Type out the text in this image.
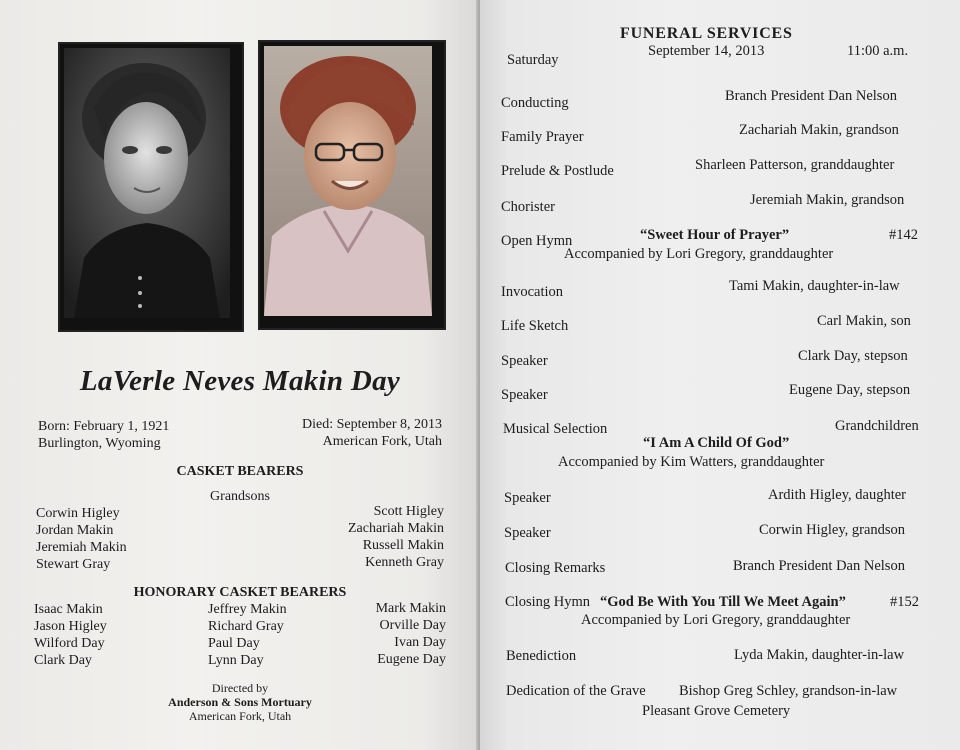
LaVerle Neves Makin Day
Born: February 1, 1921
Burlington, Wyoming
Died: September 8, 2013
American Fork, Utah
CASKET BEARERS
Grandsons
Corwin Higley
Jordan Makin
Jeremiah Makin
Stewart Gray
Scott Higley
Zachariah Makin
Russell Makin
Kenneth Gray
HONORARY CASKET BEARERS
Isaac Makin
Jason Higley
Wilford Day
Clark Day
Jeffrey Makin
Richard Gray
Paul Day
Lynn Day
Mark Makin
Orville Day
Ivan Day
Eugene Day
Directed by
Anderson & Sons Mortuary
American Fork, Utah
FUNERAL SERVICES
Saturday
September 14, 2013	11:00 a.m.
Conducting	Branch President Dan Nelson
Family Prayer	Zachariah Makin, grandson
Prelude & Postlude	Sharleen Patterson, granddaughter
Chorister	Jeremiah Makin, grandson
Open Hymn	“Sweet Hour of Prayer”	#142
Accompanied by Lori Gregory, granddaughter
Invocation	Tami Makin, daughter-in-law
Life Sketch	Carl Makin, son
Speaker	Clark Day, stepson
Speaker	Eugene Day, stepson
Musical Selection	Grandchildren
“I Am A Child Of God”
Accompanied by Kim Watters, granddaughter
Speaker	Ardith Higley, daughter
Speaker	Corwin Higley, grandson
Closing Remarks	Branch President Dan Nelson
Closing Hymn “God Be With You Till We Meet Again”	#152
Accompanied by Lori Gregory, granddaughter
Benediction	Lyda Makin, daughter-in-law
Dedication of the Grave Bishop Greg Schley, grandson-in-law
Pleasant Grove Cemetery
